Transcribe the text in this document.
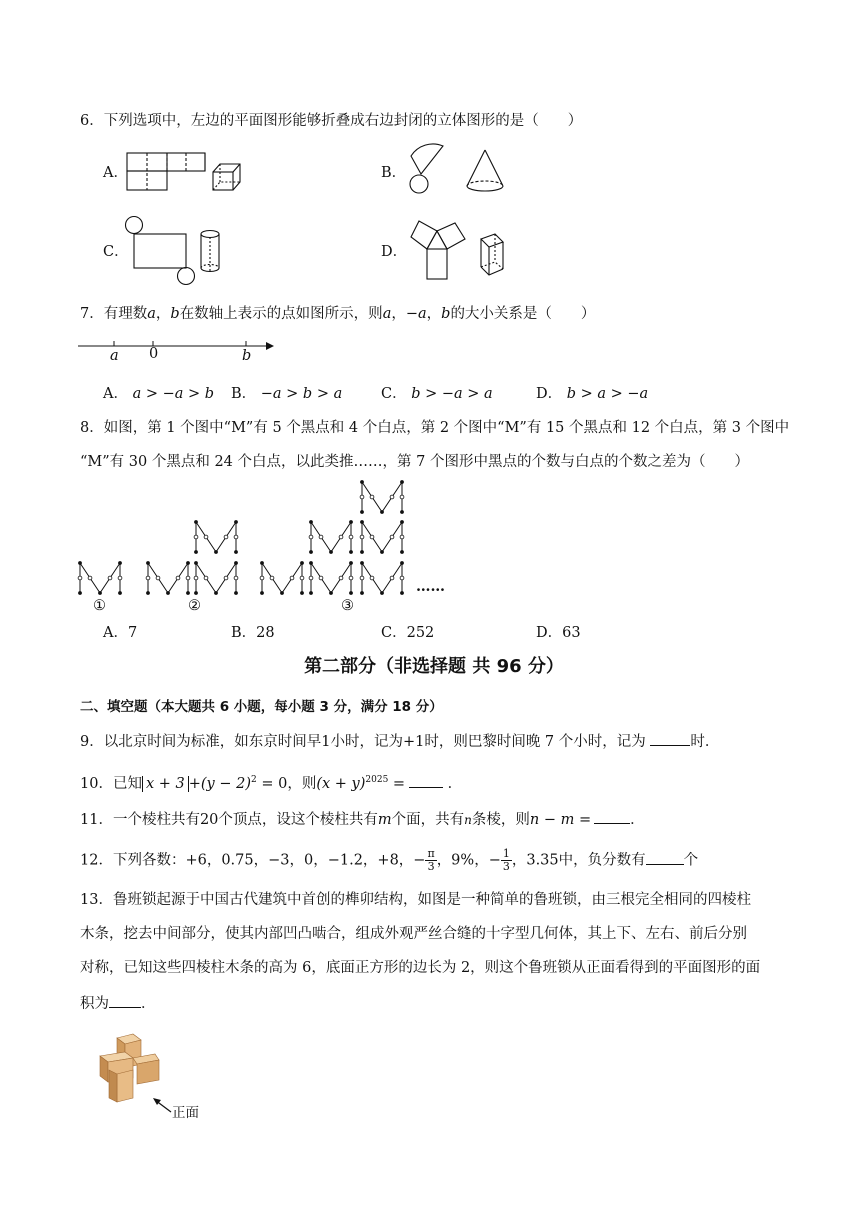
6．下列选项中，左边的平面图形能够折叠成右边封闭的立体图形的是（　　）
A．	B．
C．	D．
7．有理数a，b在数轴上表示的点如图所示，则a，−a，b的大小关系是（　　）
a 0	b
A． a > −a > b B． −a > b > a	C． b > −a > a	D． b > a > −a
8．如图，第 1 个图中“M”有 5 个黑点和 4 个白点，第 2 个图中“M”有 15 个黑点和 12 个白点，第 3 个图中
“M”有 30 个黑点和 24 个白点，以此类推……，第 7 个图形中黑点的个数与白点的个数之差为（　　）
①	②	③
……
A．7	B．28	C．252	D．63
第二部分（非选择题 共 96 分）
二、填空题（本大题共 6 小题，每小题 3 分，满分 18 分）
9．以北京时间为标准，如东京时间早1小时，记为+1时，则巴黎时间晚 7 个小时，记为	时．
10．已知 $x + 3 +(y - 2)^2 = 0$，则$(x + y)^{2025}$ =	．
11．一个棱柱共有20个顶点，设这个棱柱共有m个面，共有n条棱，则n − m =	．
12．下列各数：+6，0.75，−3，0，−1.2，+8，− $\frac{\pi}{3}$ ，9%，− $\frac{1}{3}$ ，3.35中，负分数有	个
13．鲁班锁起源于中国古代建筑中首创的榫卯结构，如图是一种简单的鲁班锁，由三根完全相同的四棱柱
木条，挖去中间部分，使其内部凹凸啮合，组成外观严丝合缝的十字型几何体，其上下、左右、前后分别
对称，已知这些四棱柱木条的高为 6，底面正方形的边长为 2，则这个鲁班锁从正面看得到的平面图形的面
积为 ．
正面
